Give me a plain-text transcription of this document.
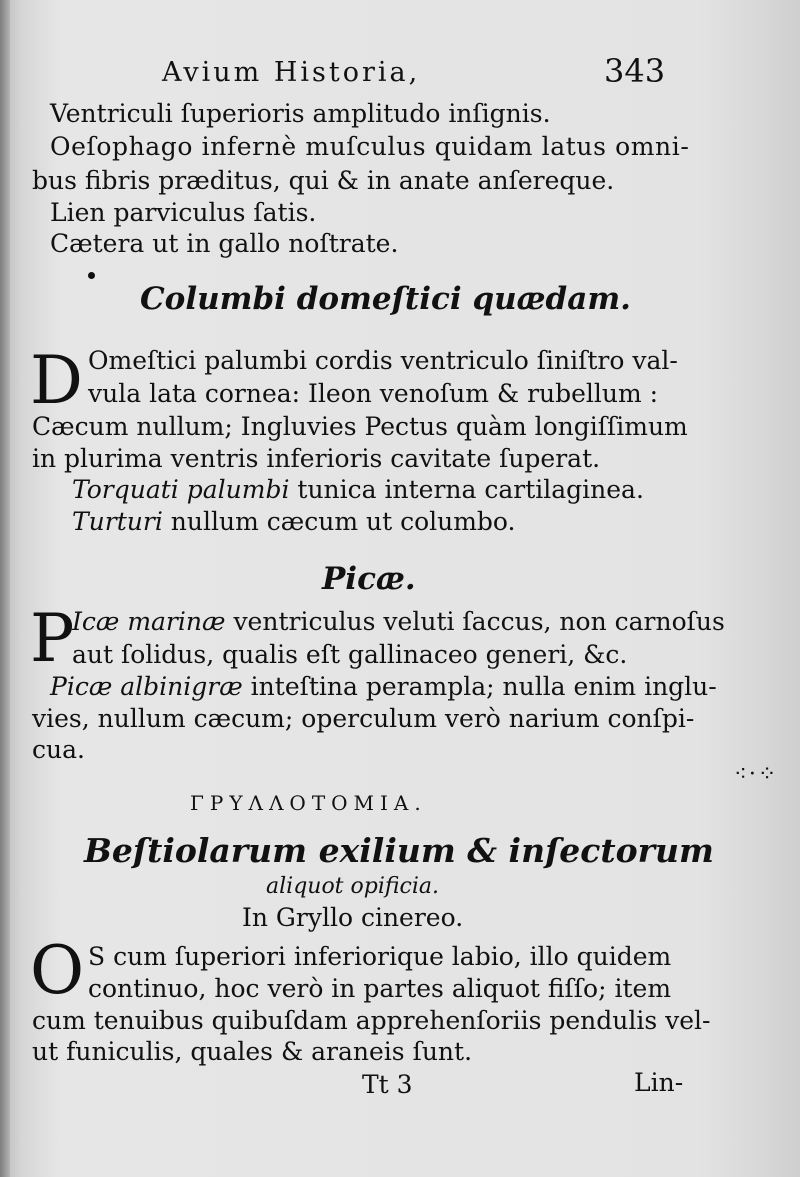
Avium Historia,	343
Ventriculi ſuperioris amplitudo inſignis.
Oeſophago infernè muſculus quidam latus omni-
bus fibris præditus, qui & in anate anſereque.
Lien parviculus ſatis.
Cætera ut in gallo noſtrate.
Columbi domeſtici quædam.
D Omeſtici palumbi cordis ventriculo ſiniſtro val-
vula lata cornea: Ileon venoſum & rubellum :
Cæcum nullum; Ingluvies Pectus quàm longiſſimum
in plurima ventris inferioris cavitate ſuperat.
Torquati palumbi tunica interna cartilaginea.
Turturi nullum cæcum ut columbo.
Picæ.
P
Icæ marinæ ventriculus veluti ſaccus, non carnoſus
aut ſolidus, qualis eſt gallinaceo generi, &c.
Picæ albinigræ inteſtina perampla; nulla enim inglu-
vies, nullum cæcum; operculum verò narium conſpi-
cua.
⁖·⁘
ΓΡΥΛΛΟΤΟΜΙΑ.
Beſtiolarum exilium & inſectorum
aliquot opificia.
In Gryllo cinereo.
O S cum ſuperiori inferiorique labio, illo quidem
continuo, hoc verò in partes aliquot fiſſo; item
cum tenuibus quibuſdam apprehenſoriis pendulis vel-
ut funiculis, quales & araneis ſunt.
Tt 3	Lin-
